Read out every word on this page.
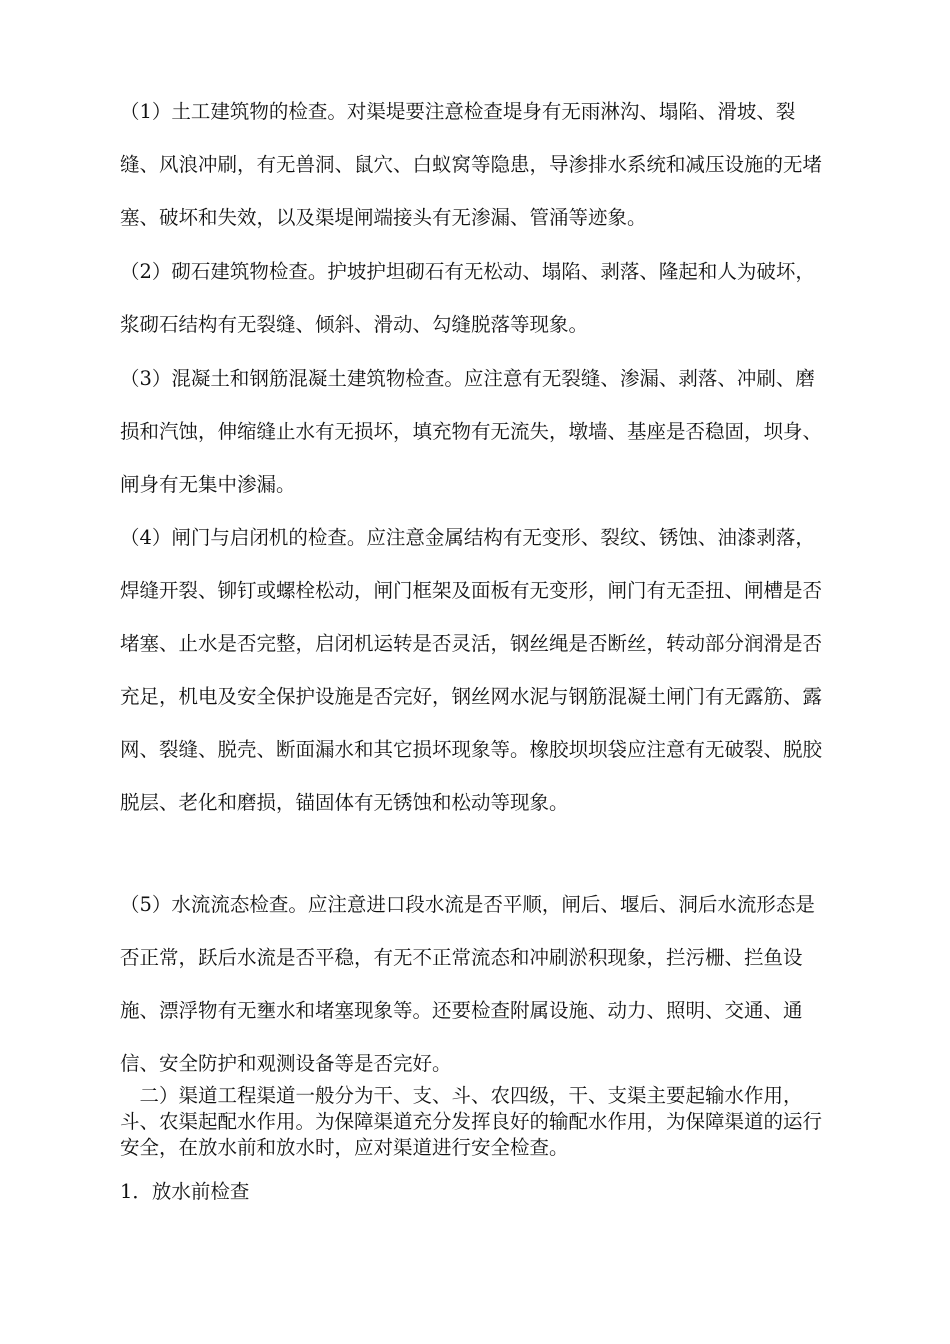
（1）土工建筑物的检查。对渠堤要注意检查堤身有无雨淋沟、塌陷、滑坡、裂缝、风浪冲刷，有无兽洞、鼠穴、白蚁窝等隐患，导渗排水系统和减压设施的无堵塞、破坏和失效，以及渠堤闸端接头有无渗漏、管涌等迹象。

（2）砌石建筑物检查。护坡护坦砌石有无松动、塌陷、剥落、隆起和人为破坏，浆砌石结构有无裂缝、倾斜、滑动、勾缝脱落等现象。

（3）混凝土和钢筋混凝土建筑物检查。应注意有无裂缝、渗漏、剥落、冲刷、磨损和汽蚀，伸缩缝止水有无损坏，填充物有无流失，墩墙、基座是否稳固，坝身、闸身有无集中渗漏。

（4）闸门与启闭机的检查。应注意金属结构有无变形、裂纹、锈蚀、油漆剥落，焊缝开裂、铆钉或螺栓松动，闸门框架及面板有无变形，闸门有无歪扭、闸槽是否堵塞、止水是否完整，启闭机运转是否灵活，钢丝绳是否断丝，转动部分润滑是否充足，机电及安全保护设施是否完好，钢丝网水泥与钢筋混凝土闸门有无露筋、露网、裂缝、脱壳、断面漏水和其它损坏现象等。橡胶坝坝袋应注意有无破裂、脱胶脱层、老化和磨损，锚固体有无锈蚀和松动等现象。

（5）水流流态检查。应注意进口段水流是否平顺，闸后、堰后、洞后水流形态是否正常，跃后水流是否平稳，有无不正常流态和冲刷淤积现象，拦污栅、拦鱼设施、漂浮物有无壅水和堵塞现象等。还要检查附属设施、动力、照明、交通、通信、安全防护和观测设备等是否完好。

二）渠道工程渠道一般分为干、支、斗、农四级，干、支渠主要起输水作用，斗、农渠起配水作用。为保障渠道充分发挥良好的输配水作用，为保障渠道的运行安全，在放水前和放水时，应对渠道进行安全检查。

1．放水前检查
